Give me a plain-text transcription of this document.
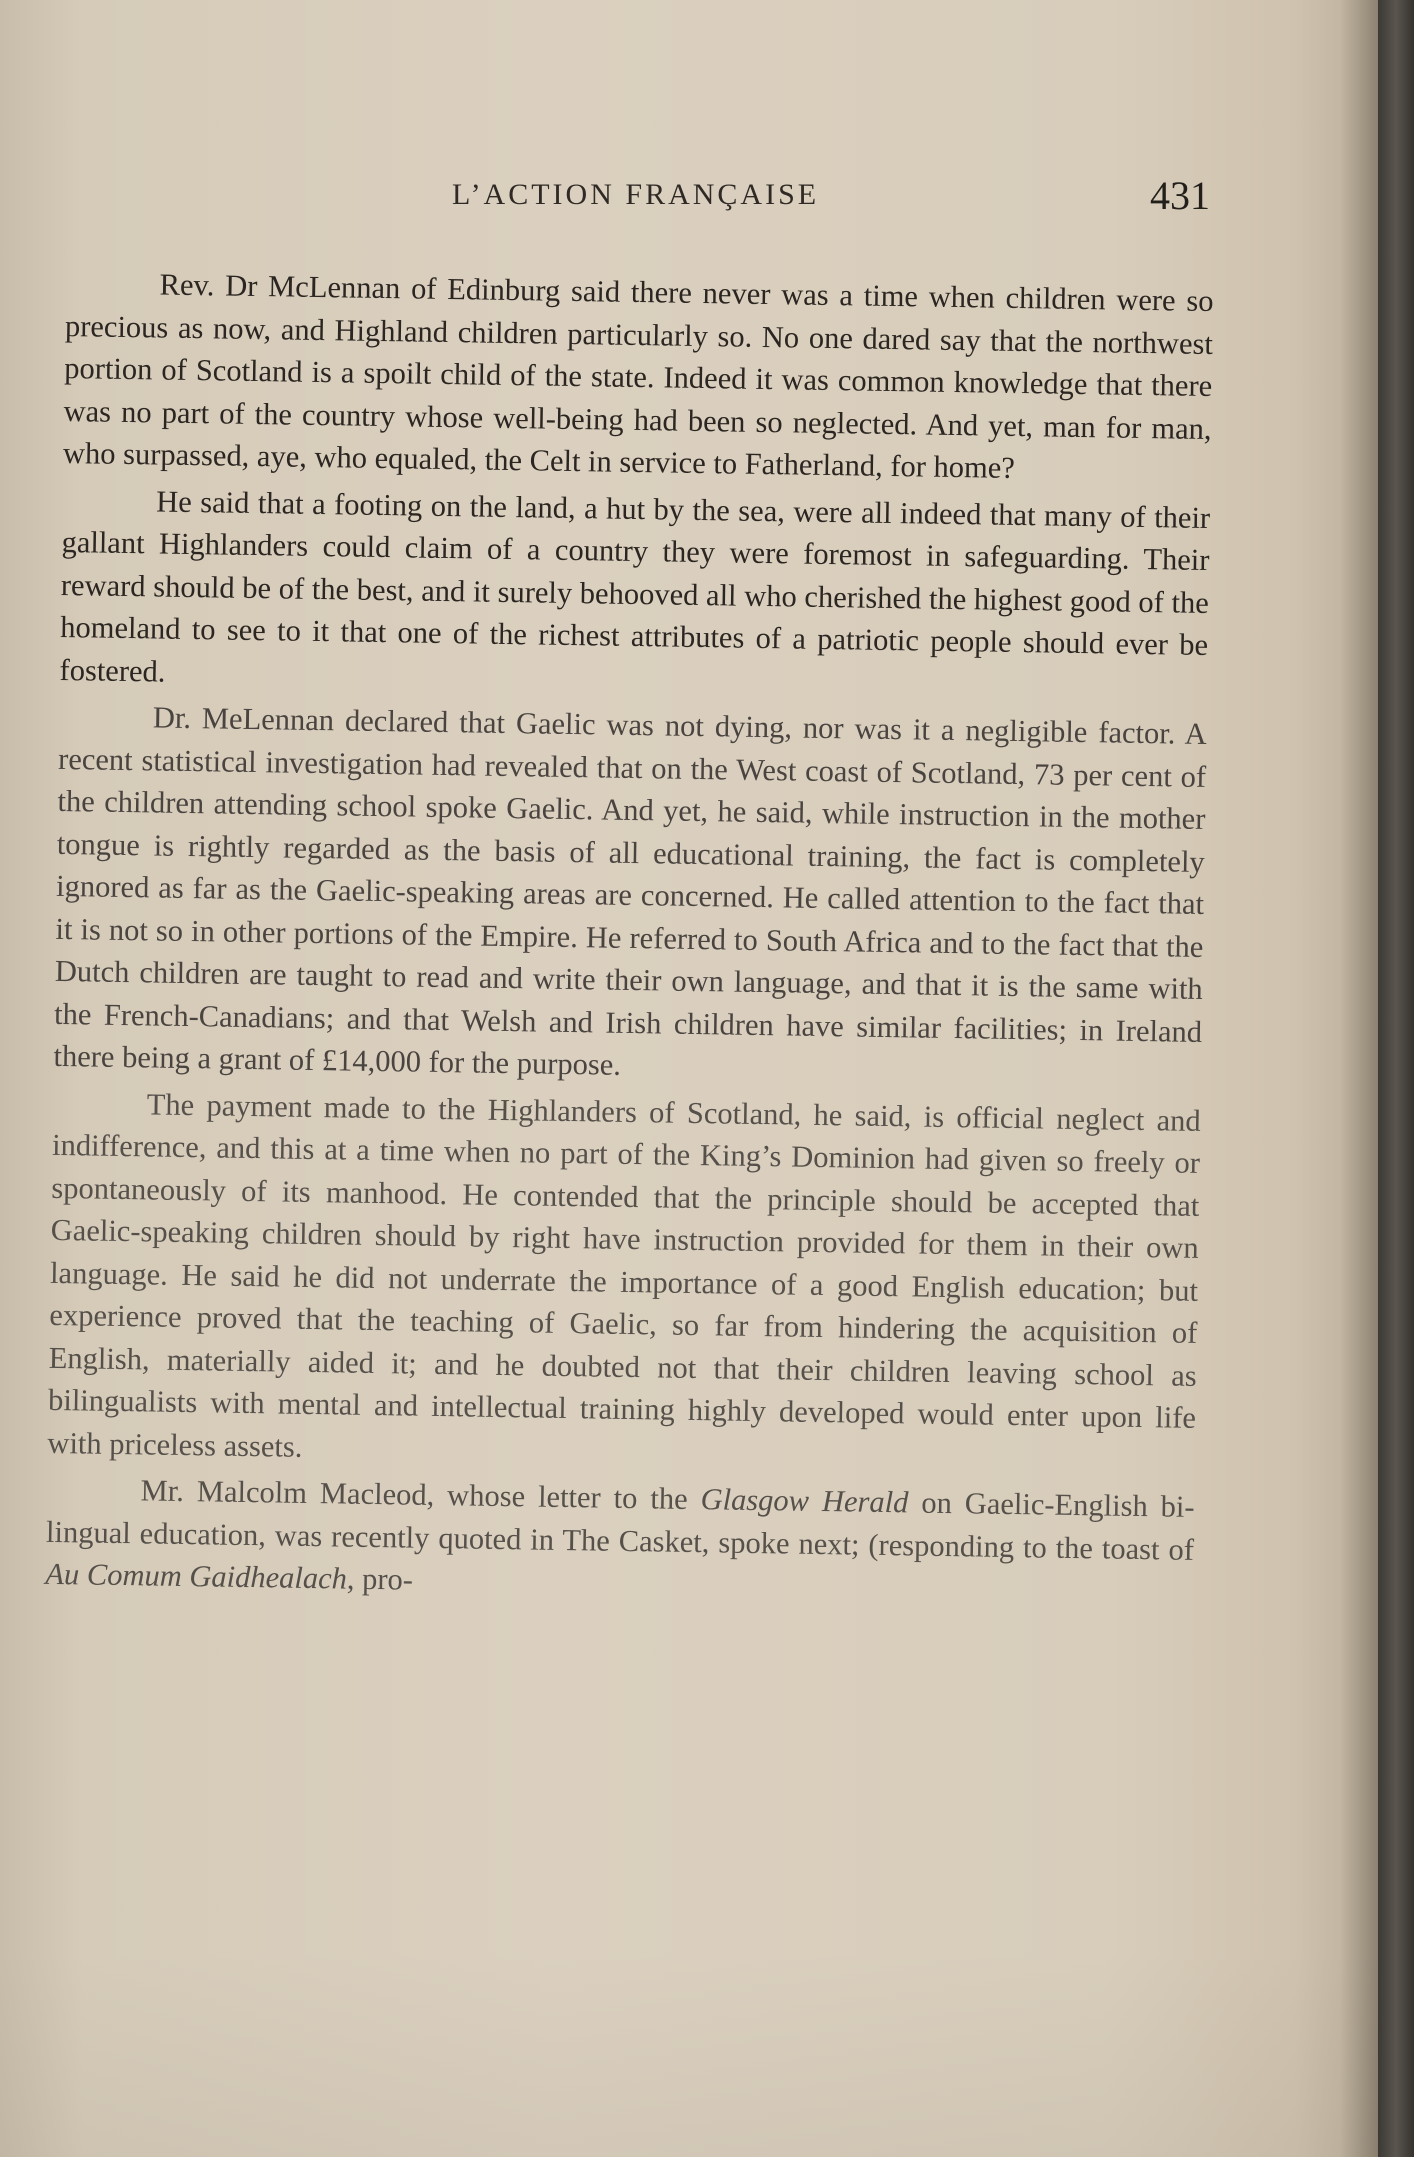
L’ACTION FRANÇAISE	431

Rev. Dr McLennan of Edinburg said there never was a time when children were so precious as now, and Highland children particularly so. No one dared say that the northwest portion of Scotland is a spoilt child of the state. Indeed it was common knowledge that there was no part of the country whose well-being had been so neglected. And yet, man for man, who surpassed, aye, who equaled, the Celt in service to Fatherland, for home?

He said that a footing on the land, a hut by the sea, were all indeed that many of their gallant Highlanders could claim of a country they were foremost in safeguarding. Their reward should be of the best, and it surely behooved all who cherished the highest good of the homeland to see to it that one of the richest attributes of a patriotic people should ever be fostered.

Dr. MeLennan declared that Gaelic was not dying, nor was it a negligible factor. A recent statistical investigation had revealed that on the West coast of Scotland, 73 per cent of the children attending school spoke Gaelic. And yet, he said, while instruction in the mother tongue is rightly regarded as the basis of all educational training, the fact is completely ignored as far as the Gaelic-speaking areas are concerned. He called attention to the fact that it is not so in other portions of the Empire. He referred to South Africa and to the fact that the Dutch children are taught to read and write their own language, and that it is the same with the French-Canadians; and that Welsh and Irish children have similar facilities; in Ireland there being a grant of £14,000 for the purpose.

The payment made to the Highlanders of Scotland, he said, is official neglect and indifference, and this at a time when no part of the King’s Dominion had given so freely or spontaneously of its manhood. He contended that the principle should be accepted that Gaelic-speaking children should by right have instruction provided for them in their own language. He said he did not underrate the importance of a good English education; but experience proved that the teaching of Gaelic, so far from hindering the acquisition of English, materially aided it; and he doubted not that their children leaving school as bilingualists with mental and intellectual training highly developed would enter upon life with priceless assets.

Mr. Malcolm Macleod, whose letter to the Glasgow Herald on Gaelic-English bi-lingual education, was recently quoted in The Casket, spoke next; (responding to the toast of Au Comum Gaidhealach, pro-
